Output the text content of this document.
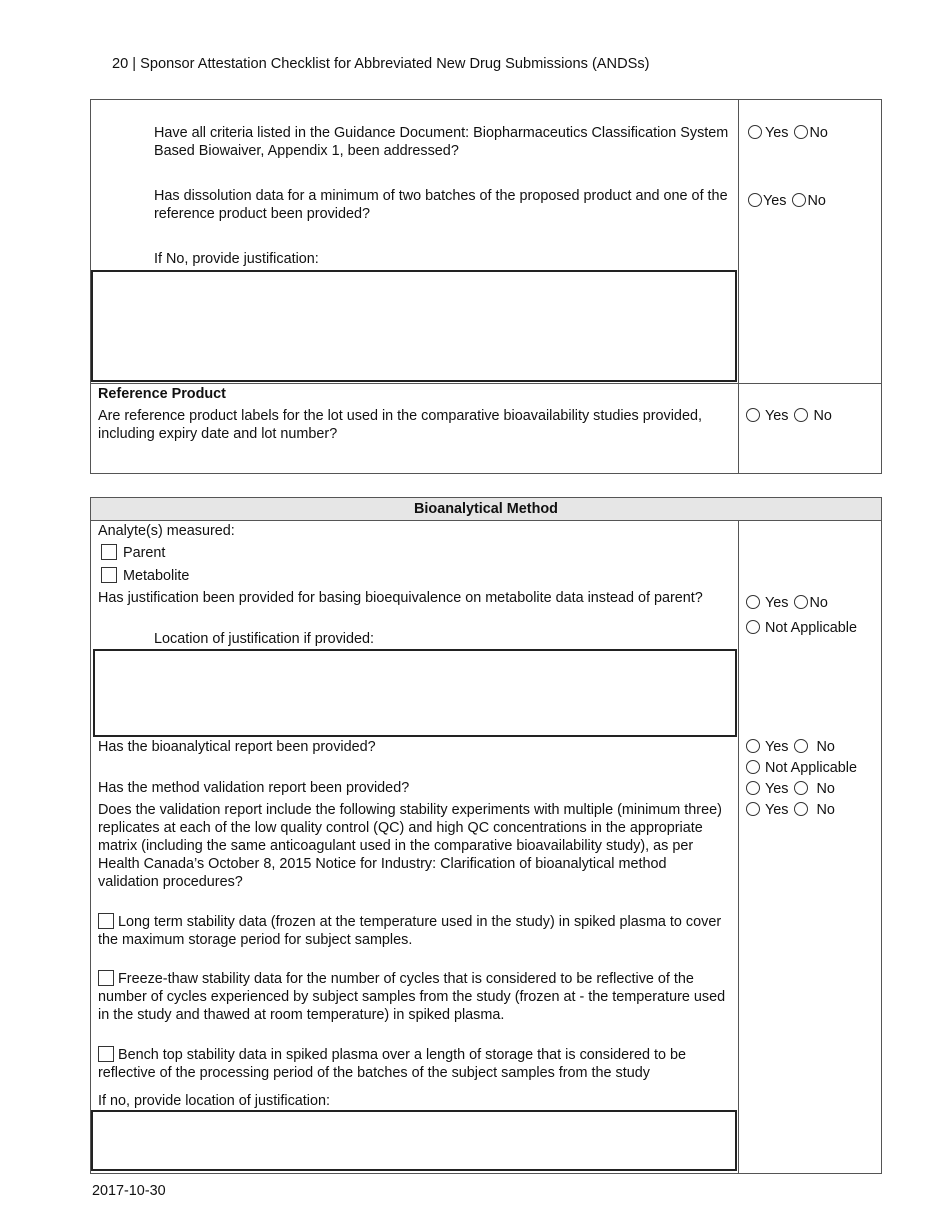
20 | Sponsor Attestation Checklist for Abbreviated New Drug Submissions (ANDSs)
Have all criteria listed in the Guidance Document: Biopharmaceutics Classification System Based Biowaiver, Appendix 1, been addressed?
Yes No
Has dissolution data for a minimum of two batches of the proposed product and one of the reference product been provided?
Yes No
If No, provide justification:
Reference Product
Are reference product labels for the lot used in the comparative bioavailability studies provided, including expiry date and lot number?
Yes No
Bioanalytical Method
Analyte(s) measured:
Parent
Metabolite
Has justification been provided for basing bioequivalence on metabolite data instead of parent?
Location of justification if provided:
Yes No
Not Applicable
Has the bioanalytical report been provided?	Yes No
Not Applicable
Has the method validation report been provided?	Yes No
Does the validation report include the following stability experiments with multiple (minimum three) replicates at each of the low quality control (QC) and high QC concentrations in the appropriate matrix (including the same anticoagulant used in the comparative bioavailability study), as per Health Canada’s October 8, 2015 Notice for Industry: Clarification of bioanalytical method validation procedures?
Yes No
Long term stability data (frozen at the temperature used in the study) in spiked plasma to cover the maximum storage period for subject samples.
Freeze-thaw stability data for the number of cycles that is considered to be reflective of the number of cycles experienced by subject samples from the study (frozen at - the temperature used in the study and thawed at room temperature) in spiked plasma.
Bench top stability data in spiked plasma over a length of storage that is considered to be reflective of the processing period of the batches of the subject samples from the study
If no, provide location of justification:
2017-10-30
